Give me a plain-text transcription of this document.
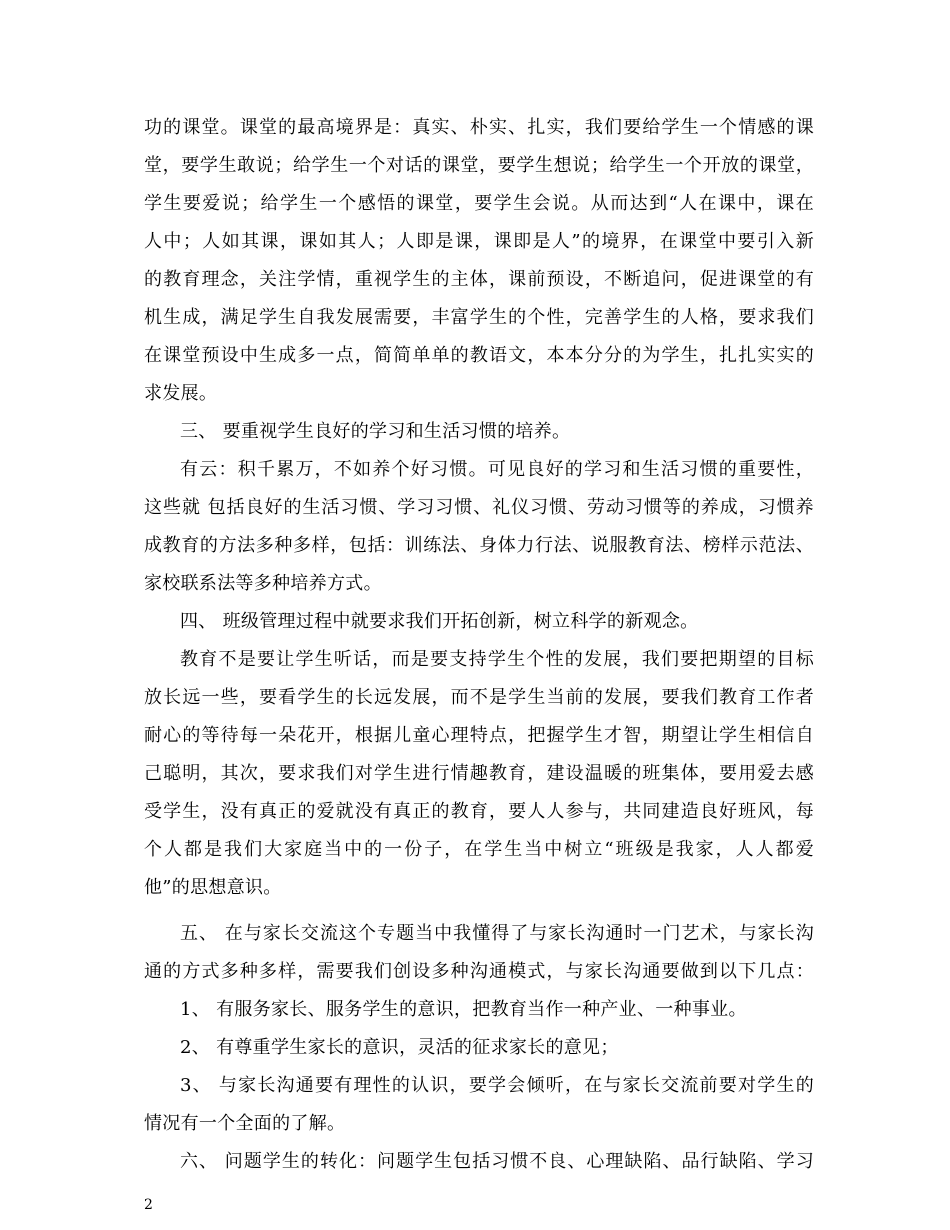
功的课堂。课堂的最高境界是：真实、朴实、扎实，我们要给学生一个情感的课
堂，要学生敢说；给学生一个对话的课堂，要学生想说；给学生一个开放的课堂，
学生要爱说；给学生一个感悟的课堂，要学生会说。从而达到“人在课中，课在
人中；人如其课，课如其人；人即是课，课即是人”的境界，在课堂中要引入新
的教育理念，关注学情，重视学生的主体，课前预设，不断追问，促进课堂的有
机生成，满足学生自我发展需要，丰富学生的个性，完善学生的人格，要求我们
在课堂预设中生成多一点，简简单单的教语文，本本分分的为学生，扎扎实实的
求发展。
三、 要重视学生良好的学习和生活习惯的培养。
有云：积千累万，不如养个好习惯。可见良好的学习和生活习惯的重要性，
这些就 包括良好的生活习惯、学习习惯、礼仪习惯、劳动习惯等的养成，习惯养
成教育的方法多种多样，包括：训练法、身体力行法、说服教育法、榜样示范法、
家校联系法等多种培养方式。
四、 班级管理过程中就要求我们开拓创新，树立科学的新观念。
教育不是要让学生听话，而是要支持学生个性的发展，我们要把期望的目标
放长远一些，要看学生的长远发展，而不是学生当前的发展，要我们教育工作者
耐心的等待每一朵花开，根据儿童心理特点，把握学生才智，期望让学生相信自
己聪明，其次，要求我们对学生进行情趣教育，建设温暖的班集体，要用爱去感
受学生，没有真正的爱就没有真正的教育，要人人参与，共同建造良好班风，每
个人都是我们大家庭当中的一份子，在学生当中树立“班级是我家，人人都爱
他”的思想意识。
五、 在与家长交流这个专题当中我懂得了与家长沟通时一门艺术，与家长沟
通的方式多种多样，需要我们创设多种沟通模式，与家长沟通要做到以下几点：
1、 有服务家长、服务学生的意识，把教育当作一种产业、一种事业。
2、 有尊重学生家长的意识，灵活的征求家长的意见；
3、 与家长沟通要有理性的认识，要学会倾听，在与家长交流前要对学生的
情况有一个全面的了解。
六、 问题学生的转化：问题学生包括习惯不良、心理缺陷、品行缺陷、学习
2
